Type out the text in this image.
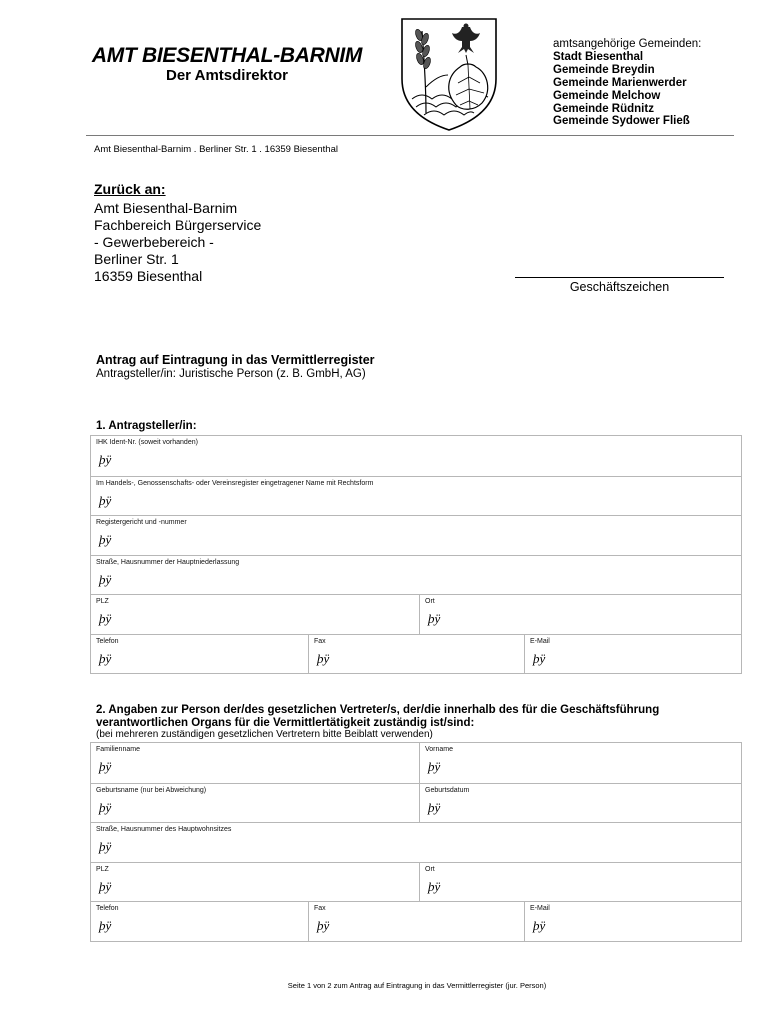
AMT BIESENTHAL-BARNIM
Der Amtsdirektor
amtsangehörige Gemeinden:
Stadt Biesenthal
Gemeinde Breydin
Gemeinde Marienwerder
Gemeinde Melchow
Gemeinde Rüdnitz
Gemeinde Sydower Fließ
Amt Biesenthal-Barnim . Berliner Str. 1 . 16359 Biesenthal
Zurück an:
Amt Biesenthal-Barnim
Fachbereich Bürgerservice
- Gewerbebereich -
Berliner Str. 1
16359 Biesenthal
Geschäftszeichen
Antrag auf Eintragung in das Vermittlerregister
Antragsteller/in: Juristische Person (z. B. GmbH, AG)
1. Antragsteller/in:
IHK Ident-Nr. (soweit vorhanden)
þÿ
Im Handels-, Genossenschafts- oder Vereinsregister eingetragener Name mit Rechtsform
þÿ
Registergericht und -nummer
þÿ
Straße, Hausnummer der Hauptniederlassung
þÿ
PLZ
þÿ
Ort
þÿ
Telefon
þÿ
Fax
þÿ
E-Mail
þÿ
2. Angaben zur Person der/des gesetzlichen Vertreter/s, der/die innerhalb des für die Geschäftsführung verantwortlichen Organs für die Vermittlertätigkeit zuständig ist/sind:
(bei mehreren zuständigen gesetzlichen Vertretern bitte Beiblatt verwenden)
Familienname
þÿ
Vorname
þÿ
Geburtsname (nur bei Abweichung)
þÿ
Geburtsdatum
þÿ
Straße, Hausnummer des Hauptwohnsitzes
þÿ
PLZ
þÿ
Ort
þÿ
Telefon
þÿ
Fax
þÿ
E-Mail
þÿ
Seite 1 von 2 zum Antrag auf Eintragung in das Vermittlerregister (jur. Person)
